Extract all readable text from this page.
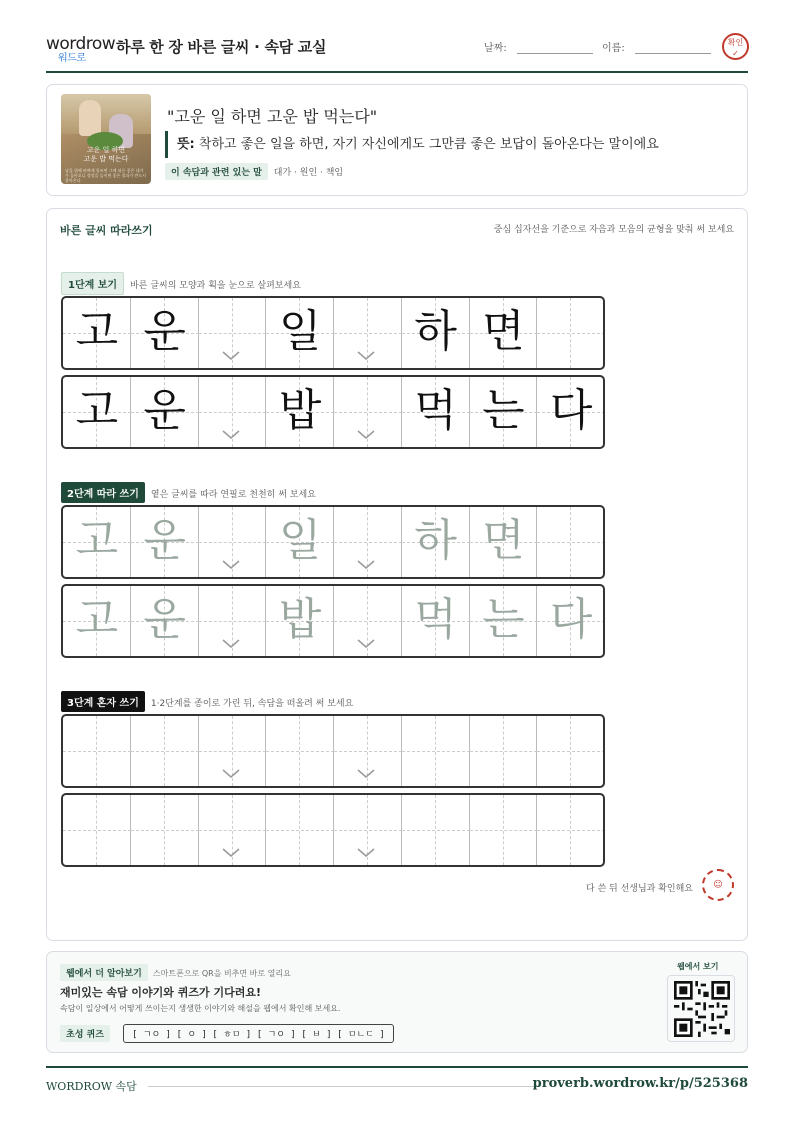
wordrow
워드로
하루 한 장 바른 글씨 · 속담 교실	날짜:	이름:
확인
✓
고운 일 하면
고운 밥 먹는다
남을 위해 바쁘게 힘쓰면 그에 따른 좋은 대가가 돌아오니 정성을 들이면 좋은 결과가 반드시 찾아온다
"고운 일 하면 고운 밥 먹는다"
뜻: 착하고 좋은 일을 하면, 자기 자신에게도 그만큼 좋은 보답이 돌아온다는 말이에요
이 속담과 관련 있는 말 대가 · 원인 · 책임
바른 글씨 따라쓰기	중심 십자선을 기준으로 자음과 모음의 균형을 맞춰 써 보세요
1단계 보기 바른 글씨의 모양과 획을 눈으로 살펴보세요
고 운 일 하 면
고 운 밥 먹 는 다
2단계 따라 쓰기 옅은 글씨를 따라 연필로 천천히 써 보세요
고 운 일 하 면
고 운 밥 먹 는 다
3단계 혼자 쓰기 1·2단계를 종이로 가린 뒤, 속담을 떠올려 써 보세요
다 쓴 뒤 선생님과 확인해요	☺
웹에서 더 알아보기 스마트폰으로 QR을 비추면 바로 열리요
재미있는 속담 이야기와 퀴즈가 기다려요!
속담이 일상에서 어떻게 쓰이는지 생생한 이야기와 해설을 웹에서 확인해 보세요.
초성 퀴즈	[ ㄱㅇ ] [ ㅇ ] [ ㅎㅁ ] [ ㄱㅇ ] [ ㅂ ] [ ㅁㄴㄷ ]
웹에서 보기
WORDROW 속담	proverb.wordrow.kr/p/525368
